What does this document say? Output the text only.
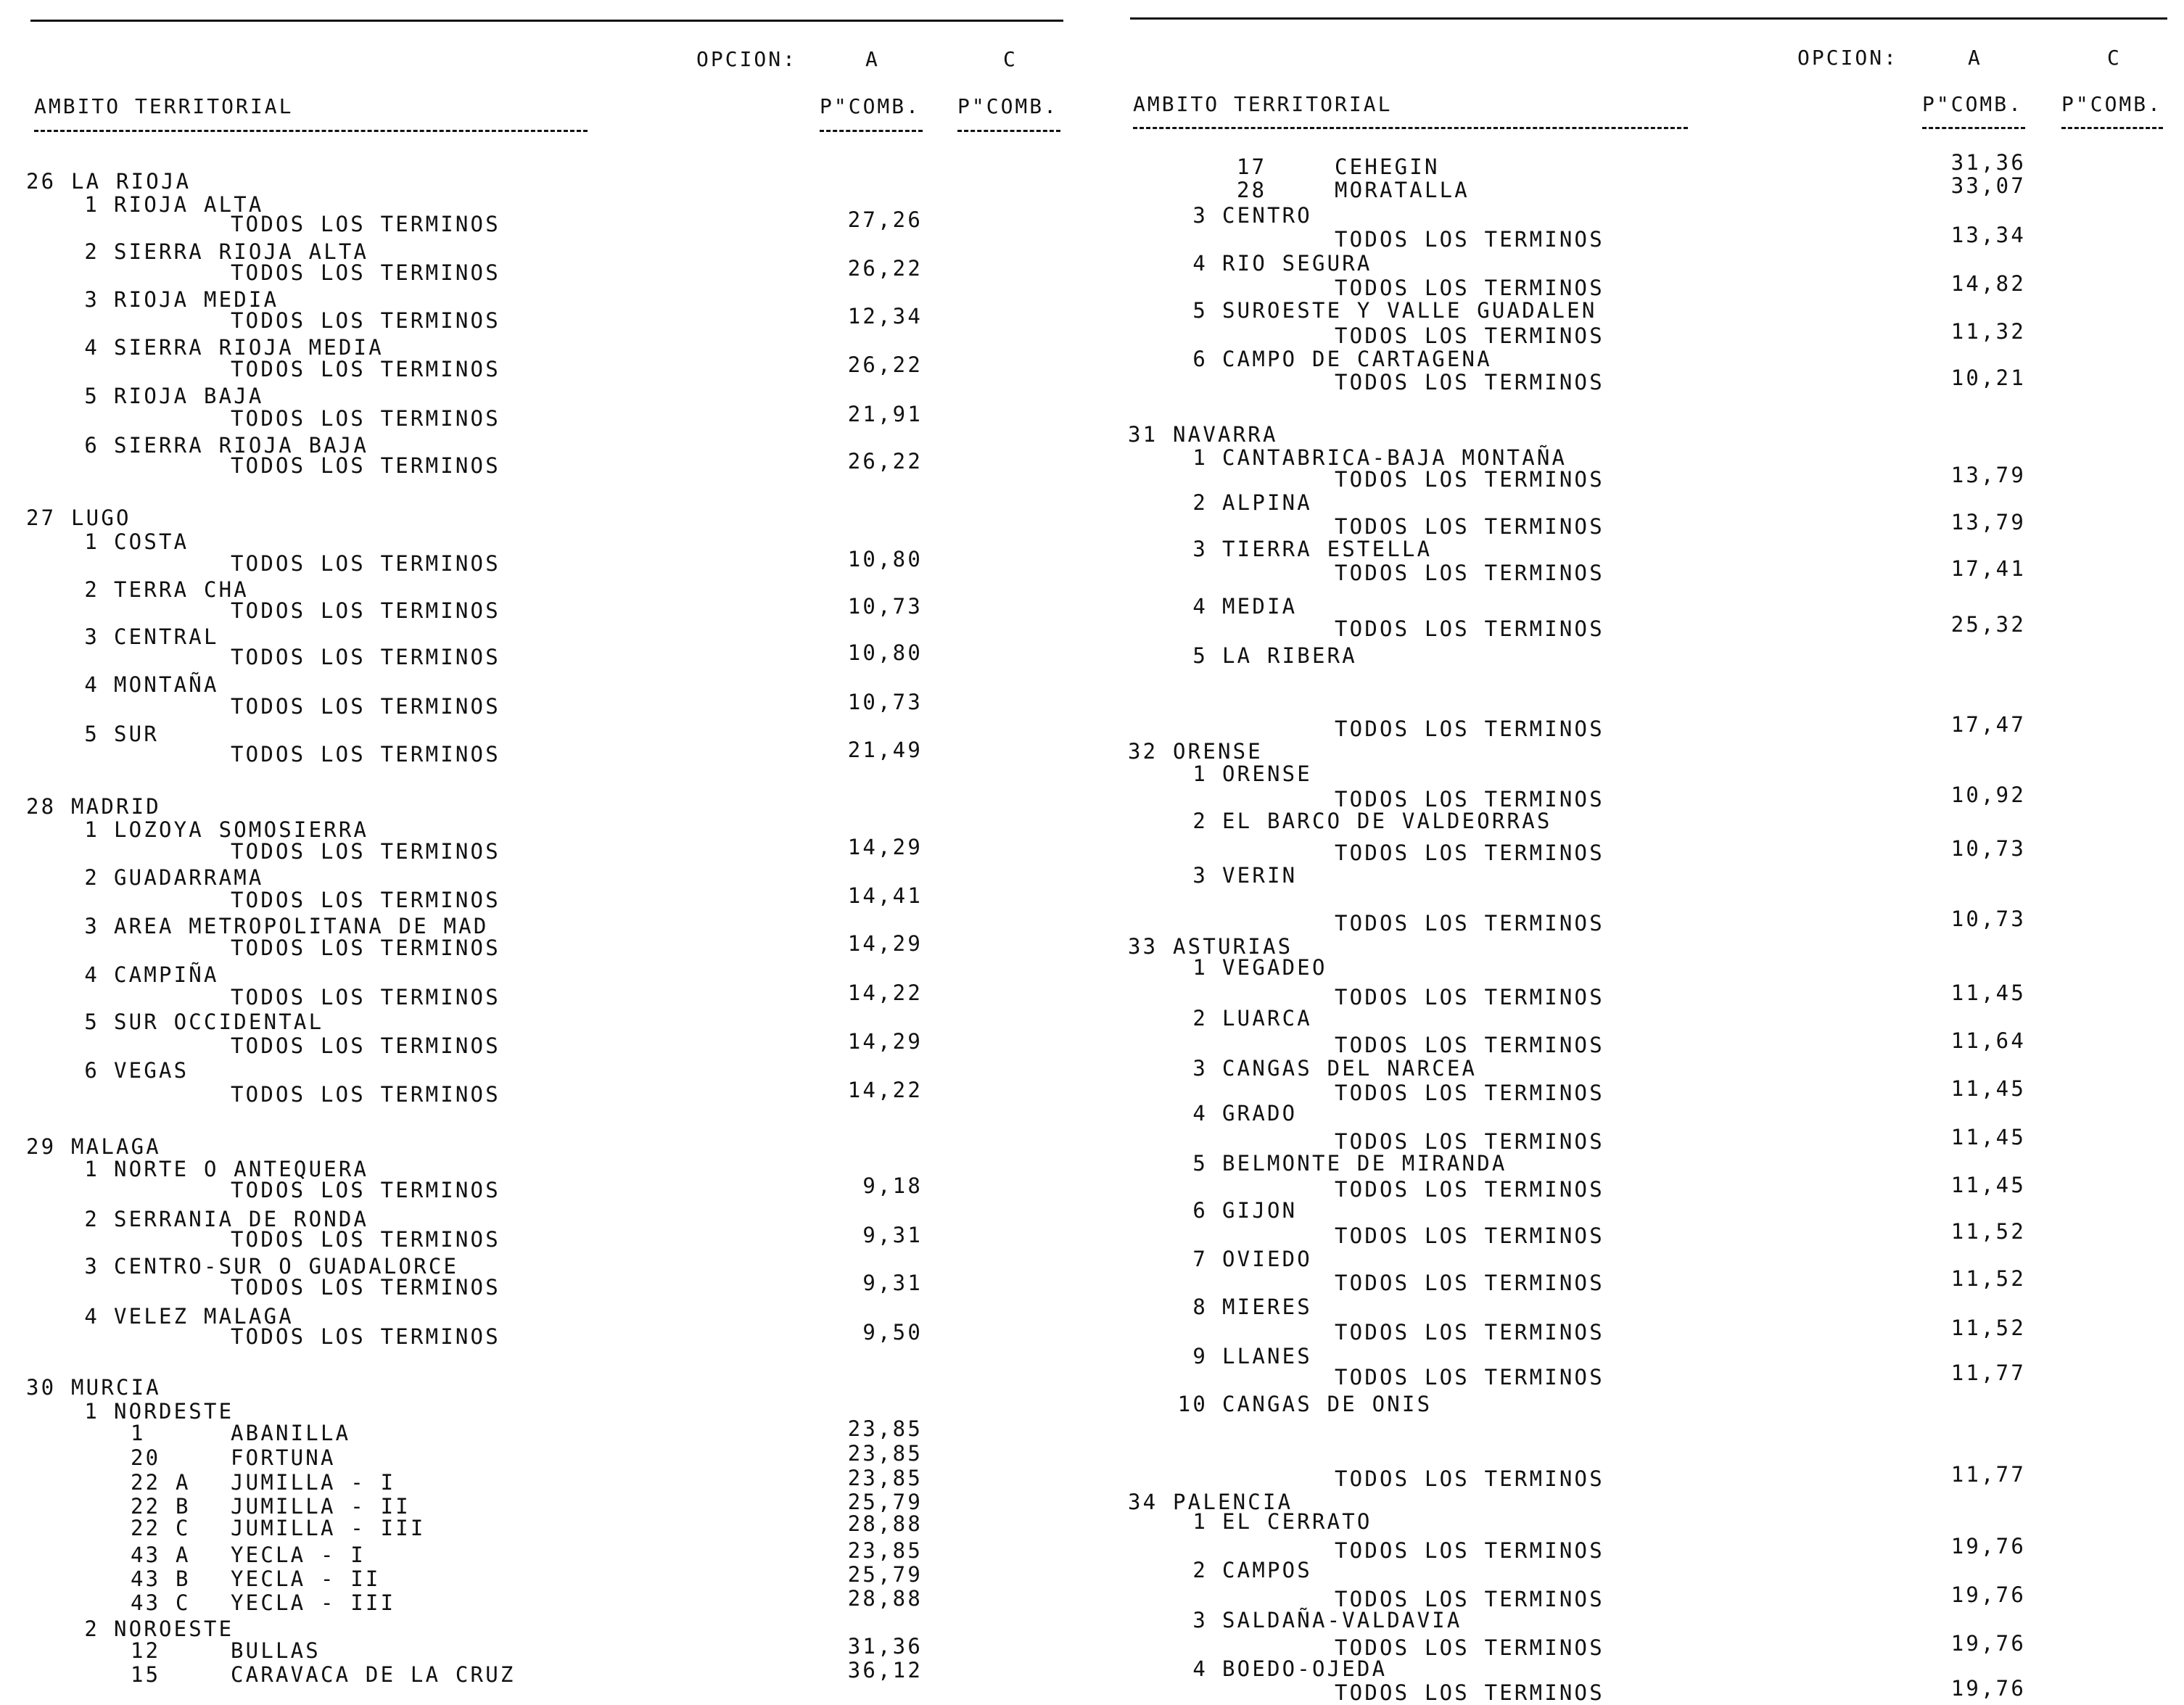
OPCION:	A	C
AMBITO TERRITORIAL	P"COMB. P"COMB.
26 LA RIOJA
1 RIOJA ALTA
TODOS LOS TERMINOS	27,26
2 SIERRA RIOJA ALTA
TODOS LOS TERMINOS	26,22
3 RIOJA MEDIA
TODOS LOS TERMINOS	12,34
4 SIERRA RIOJA MEDIA
TODOS LOS TERMINOS	26,22
5 RIOJA BAJA
TODOS LOS TERMINOS	21,91
6 SIERRA RIOJA BAJA
TODOS LOS TERMINOS	26,22
27 LUGO
1 COSTA
TODOS LOS TERMINOS	10,80
2 TERRA CHA
TODOS LOS TERMINOS	10,73
3 CENTRAL
TODOS LOS TERMINOS	10,80
4 MONTAÑA
TODOS LOS TERMINOS	10,73
5 SUR
TODOS LOS TERMINOS	21,49
28 MADRID
1 LOZOYA SOMOSIERRA
TODOS LOS TERMINOS	14,29
2 GUADARRAMA
TODOS LOS TERMINOS	14,41
3 AREA METROPOLITANA DE MAD
TODOS LOS TERMINOS	14,29
4 CAMPIÑA
TODOS LOS TERMINOS	14,22
5 SUR OCCIDENTAL
TODOS LOS TERMINOS	14,29
6 VEGAS
TODOS LOS TERMINOS	14,22
29 MALAGA
1 NORTE O ANTEQUERA
TODOS LOS TERMINOS	9,18
2 SERRANIA DE RONDA
TODOS LOS TERMINOS	9,31
3 CENTRO-SUR O GUADALORCE
TODOS LOS TERMINOS	9,31
4 VELEZ MALAGA
TODOS LOS TERMINOS	9,50
30 MURCIA
1 NORDESTE
1	ABANILLA	23,85
20	FORTUNA	23,85
22 A JUMILLA - I	23,85
22 B JUMILLA - II	25,79
22 C JUMILLA - III	28,88
43 A YECLA - I	23,85
43 B YECLA - II	25,79
43 C YECLA - III	28,88
2 NOROESTE
12	BULLAS	31,36
15	CARAVACA DE LA CRUZ	36,12
OPCION:	A	C
AMBITO TERRITORIAL	P"COMB. P"COMB.
17	CEHEGIN	31,36
28	MORATALLA	33,07
3 CENTRO
TODOS LOS TERMINOS	13,34
4 RIO SEGURA
TODOS LOS TERMINOS	14,82
5 SUROESTE Y VALLE GUADALEN
TODOS LOS TERMINOS	11,32
6 CAMPO DE CARTAGENA
TODOS LOS TERMINOS	10,21
31 NAVARRA
1 CANTABRICA-BAJA MONTAÑA
TODOS LOS TERMINOS	13,79
2 ALPINA
TODOS LOS TERMINOS	13,79
3 TIERRA ESTELLA
TODOS LOS TERMINOS	17,41
4 MEDIA
TODOS LOS TERMINOS	25,32
5 LA RIBERA
TODOS LOS TERMINOS	17,47
32 ORENSE
1 ORENSE
TODOS LOS TERMINOS	10,92
2 EL BARCO DE VALDEORRAS
TODOS LOS TERMINOS	10,73
3 VERIN
TODOS LOS TERMINOS	10,73
33 ASTURIAS
1 VEGADEO
TODOS LOS TERMINOS	11,45
2 LUARCA
TODOS LOS TERMINOS	11,64
3 CANGAS DEL NARCEA
TODOS LOS TERMINOS	11,45
4 GRADO
TODOS LOS TERMINOS	11,45
5 BELMONTE DE MIRANDA
TODOS LOS TERMINOS	11,45
6 GIJON
TODOS LOS TERMINOS	11,52
7 OVIEDO
TODOS LOS TERMINOS	11,52
8 MIERES
TODOS LOS TERMINOS	11,52
9 LLANES
TODOS LOS TERMINOS	11,77
10 CANGAS DE ONIS
TODOS LOS TERMINOS	11,77
34 PALENCIA
1 EL CERRATO
TODOS LOS TERMINOS	19,76
2 CAMPOS
TODOS LOS TERMINOS	19,76
3 SALDAÑA-VALDAVIA
TODOS LOS TERMINOS	19,76
4 BOEDO-OJEDA
TODOS LOS TERMINOS	19,76
